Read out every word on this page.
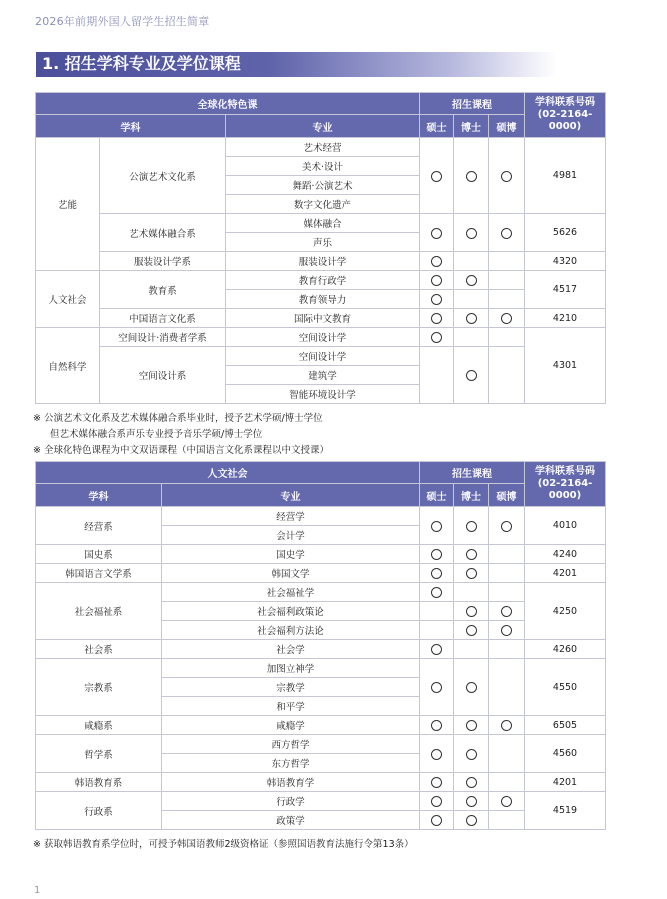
2026年前期外国人留学生招生简章
1. 招生学科专业及学位课程
全球化特色课			招生课程			学科联系号码
(02-2164-0000)
学科		专业	硕士	博士	硕博	
艺能	公演艺术文化系	艺术经营				4981
		美术·设计				
		舞蹈·公演艺术				
		数字文化遗产				
	艺术媒体融合系	媒体融合				5626
		声乐				
	服装设计学系	服装设计学				4320
人文社会	教育系	教育行政学				4517
		教育领导力				
	中国语言文化系	国际中文教育				4210
自然科学	空间设计·消费者学系	空间设计学				4301
	空间设计系	空间设计学				
		建筑学				
		智能环境设计学				
※ 公演艺术文化系及艺术媒体融合系毕业时，授予艺术学硕/博士学位
但艺术媒体融合系声乐专业授予音乐学硕/博士学位
※ 全球化特色课程为中文双语课程（中国语言文化系课程以中文授课）
人文社会		招生课程			学科联系号码
(02-2164-0000)
学科	专业	硕士	博士	硕博	
经营系	经营学				4010
	会计学				
国史系	国史学				4240
韩国语言文学系	韩国文学				4201
社会福祉系	社会福祉学				4250
	社会福利政策论				
	社会福利方法论				
社会系	社会学				4260
宗教系	加图立神学				4550
	宗教学				
	和平学				
咸瘾系	咸瘾学				6505
哲学系	西方哲学				4560
	东方哲学				
韩语教育系	韩语教育学				4201
行政系	行政学				4519
	政策学				
※ 获取韩语教育系学位时，可授予韩国语教师2级资格证（参照国语教育法施行令第13条）
1
